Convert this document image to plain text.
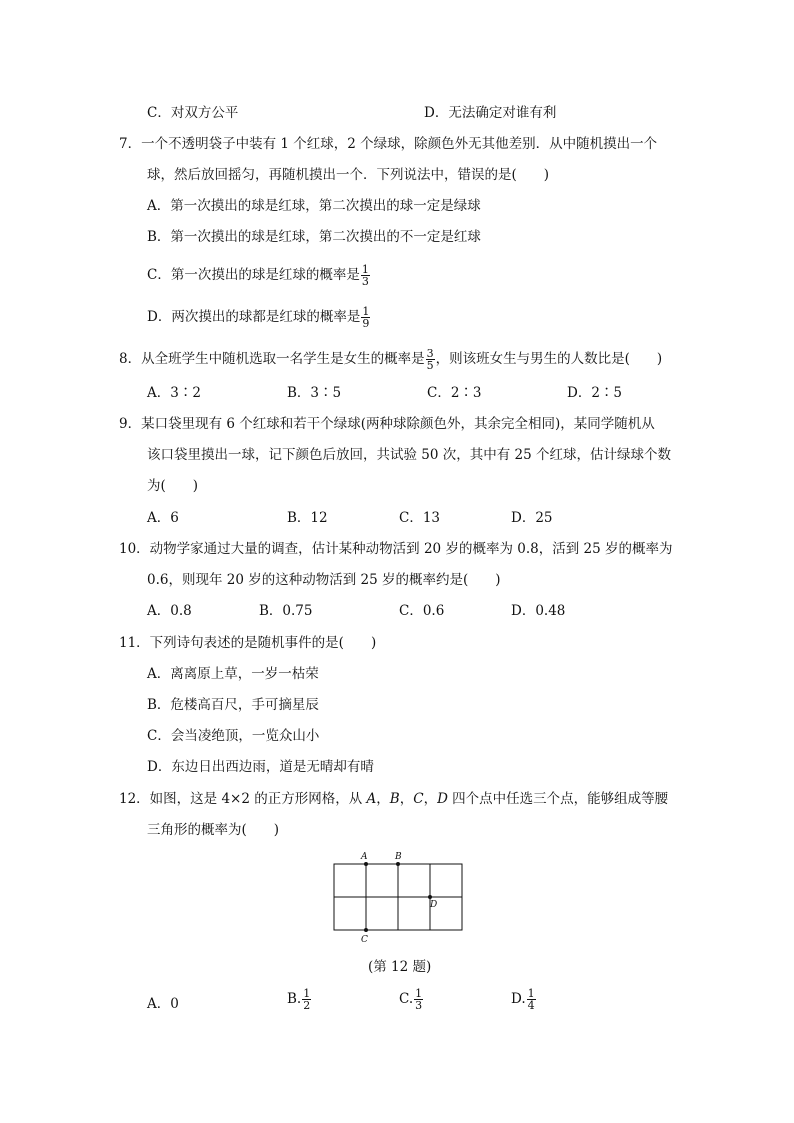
C．对双方公平	D．无法确定对谁有利
7．一个不透明袋子中装有 1 个红球，2 个绿球，除颜色外无其他差别．从中随机摸出一个
球，然后放回摇匀，再随机摸出一个．下列说法中，错误的是(　　)
A．第一次摸出的球是红球，第二次摸出的球一定是绿球
B．第一次摸出的球是红球，第二次摸出的不一定是红球
C．第一次摸出的球是红球的概率是 $\frac{1}{3}$
D．两次摸出的球都是红球的概率是 $\frac{1}{9}$
8．从全班学生中随机选取一名学生是女生的概率是 $\frac{3}{5}$ ，则该班女生与男生的人数比是(　　)
A．3∶2	B．3∶5	C．2∶3	D．2∶5
9．某口袋里现有 6 个红球和若干个绿球(两种球除颜色外，其余完全相同)，某同学随机从
该口袋里摸出一球，记下颜色后放回，共试验 50 次，其中有 25 个红球，估计绿球个数
为(　　)
A．6	B．12	C．13	D．25
10．动物学家通过大量的调查，估计某种动物活到 20 岁的概率为 0.8，活到 25 岁的概率为
0.6，则现年 20 岁的这种动物活到 25 岁的概率约是(　　)
A．0.8	B．0.75	C．0.6	D．0.48
11．下列诗句表述的是随机事件的是(　　)
A．离离原上草，一岁一枯荣
B．危楼高百尺，手可摘星辰
C．会当凌绝顶，一览众山小
D．东边日出西边雨，道是无晴却有晴
12．如图，这是 4×2 的正方形网格，从 A，B，C，D 四个点中任选三个点，能够组成等腰
三角形的概率为(　　)
A	B
C
D
(第 12 题)
A．0	B. $\frac{1}{2}$	C. $\frac{1}{3}$	D. $\frac{1}{4}$
